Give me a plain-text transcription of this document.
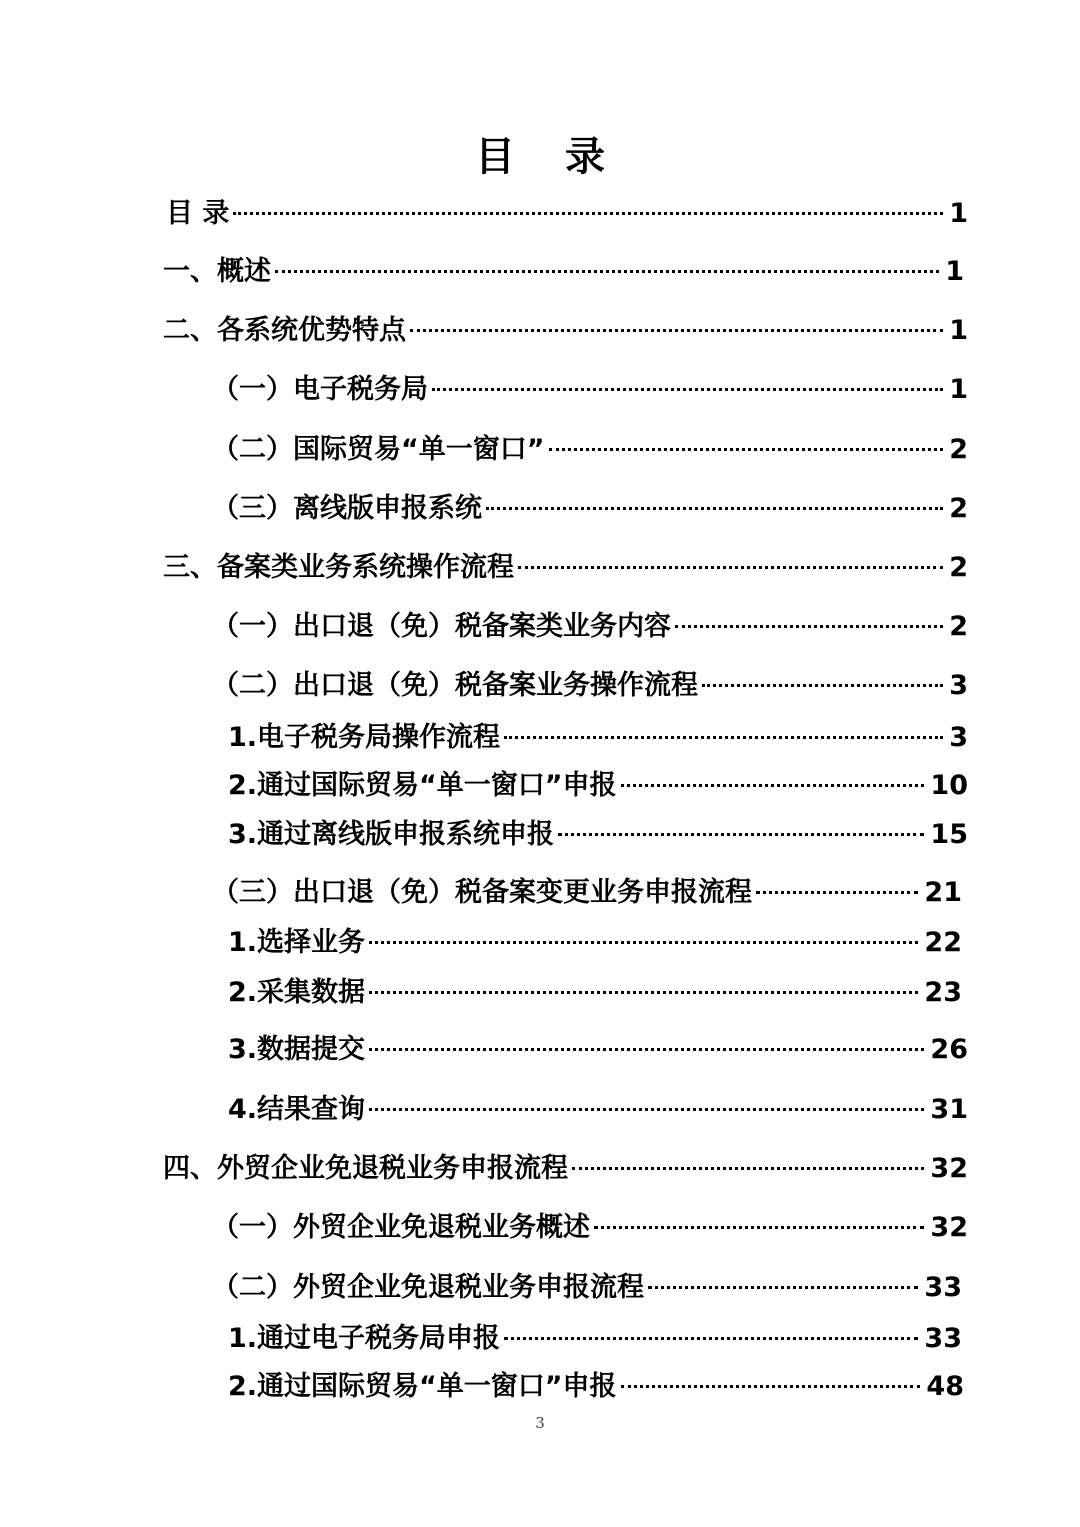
目 录
目 录	1
一、概述	1
二、各系统优势特点	1
（一）电子税务局	1
（二）国际贸易“单一窗口”	2
（三）离线版申报系统	2
三、备案类业务系统操作流程	2
（一）出口退（免）税备案类业务内容	2
（二）出口退（免）税备案业务操作流程	3
1.电子税务局操作流程	3
2.通过国际贸易“单一窗口”申报	10
3.通过离线版申报系统申报	15
（三）出口退（免）税备案变更业务申报流程	21
1.选择业务	22
2.采集数据	23
3.数据提交	26
4.结果查询	31
四、外贸企业免退税业务申报流程	32
（一）外贸企业免退税业务概述	32
（二）外贸企业免退税业务申报流程	33
1.通过电子税务局申报	33
2.通过国际贸易“单一窗口”申报	48
3
